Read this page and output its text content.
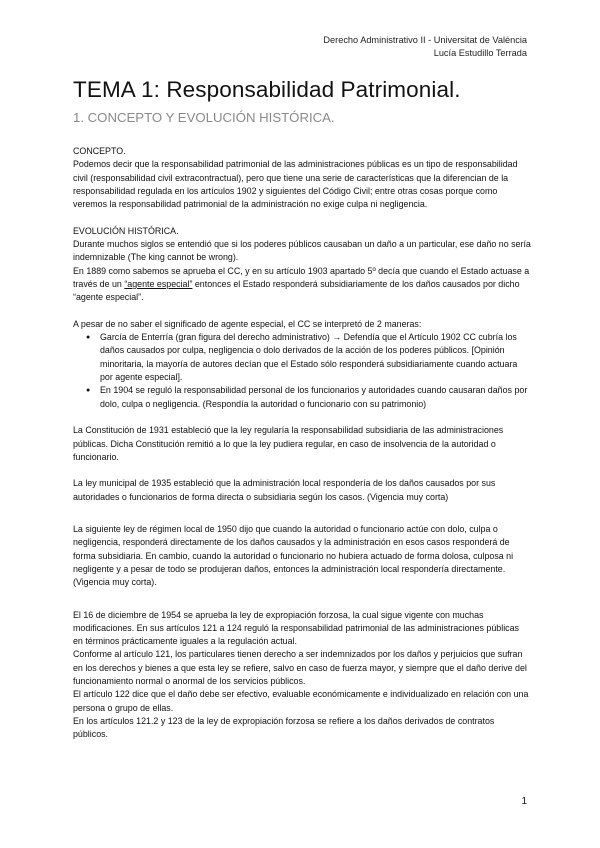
Derecho Administrativo II - Universitat de València
Lucía Estudillo Terrada
TEMA 1: Responsabilidad Patrimonial.
1. CONCEPTO Y EVOLUCIÓN HISTÓRICA.

CONCEPTO.

Podemos decir que la responsabilidad patrimonial de las administraciones públicas es un tipo de responsabilidad civil (responsabilidad civil extracontractual), pero que tiene una serie de características que la diferencian de la responsabilidad regulada en los artículos 1902 y siguientes del Código Civil; entre otras cosas porque como veremos la responsabilidad patrimonial de la administración no exige culpa ni negligencia.

EVOLUCIÓN HISTÓRICA.

Durante muchos siglos se entendió que si los poderes públicos causaban un daño a un particular, ese daño no sería indemnizable (The king cannot be wrong).

En 1889 como sabemos se aprueba el CC, y en su artículo 1903 apartado 5º decía que cuando el Estado actuase a través de un “agente especial” entonces el Estado responderá subsidiariamente de los daños causados por dicho “agente especial”.

A pesar de no saber el significado de agente especial, el CC se interpretó de 2 maneras:

● García de Enterría (gran figura del derecho administrativo) → Defendía que el Artículo 1902 CC cubría los daños causados por culpa, negligencia o dolo derivados de la acción de los poderes públicos. [Opinión minoritaria, la mayoría de autores decían que el Estado sólo responderá subsidiariamente cuando actuara por agente especial].
● En 1904 se reguló la responsabilidad personal de los funcionarios y autoridades cuando causaran daños por dolo, culpa o negligencia. (Respondía la autoridad o funcionario con su patrimonio)

La Constitución de 1931 estableció que la ley regularía la responsabilidad subsidiaria de las administraciones públicas. Dicha Constitución remitió a lo que la ley pudiera regular, en caso de insolvencia de la autoridad o funcionario.

La ley municipal de 1935 estableció que la administración local respondería de los daños causados por sus autoridades o funcionarios de forma directa o subsidiaria según los casos. (Vigencia muy corta)

La siguiente ley de régimen local de 1950 dijo que cuando la autoridad o funcionario actúe con dolo, culpa o negligencia, responderá directamente de los daños causados y la administración en esos casos responderá de forma subsidiaria. En cambio, cuando la autoridad o funcionario no hubiera actuado de forma dolosa, culposa ni negligente y a pesar de todo se produjeran daños, entonces la administración local respondería directamente. (Vigencia muy corta).

El 16 de diciembre de 1954 se aprueba la ley de expropiación forzosa, la cual sigue vigente con muchas modificaciones. En sus artículos 121 a 124 reguló la responsabilidad patrimonial de las administraciones públicas en términos prácticamente iguales a la regulación actual.

Conforme al artículo 121, los particulares tienen derecho a ser indemnizados por los daños y perjuicios que sufran en los derechos y bienes a que esta ley se refiere, salvo en caso de fuerza mayor, y siempre que el daño derive del funcionamiento normal o anormal de los servicios públicos.

El artículo 122 dice que el daño debe ser efectivo, evaluable económicamente e individualizado en relación con una persona o grupo de ellas.

En los artículos 121.2 y 123 de la ley de expropiación forzosa se refiere a los daños derivados de contratos públicos.

1
